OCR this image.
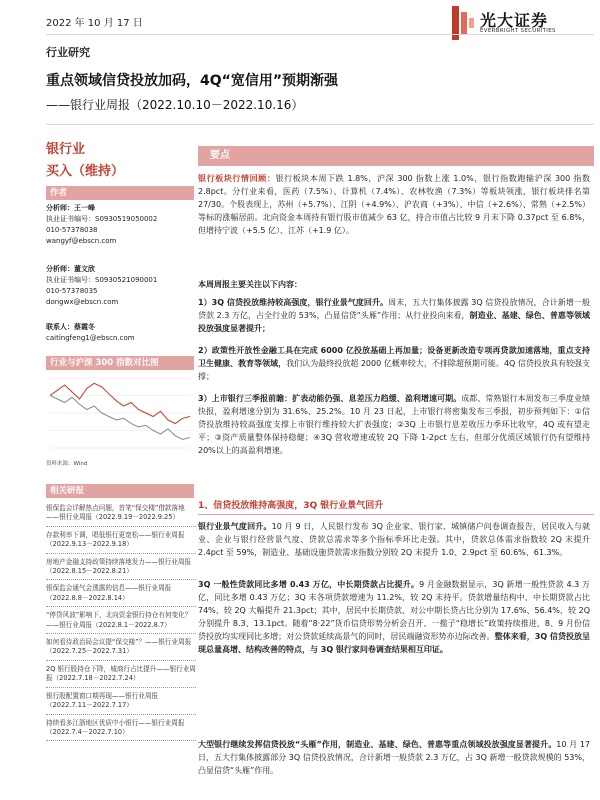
2022 年 10 月 17 日	光大证券
EVERBRIGHT SECURITIES
行业研究
重点领域信贷投放加码，4Q“宽信用”预期渐强
——银行业周报（2022.10.10－2022.10.16）
银行业
买入（维持）
作者
分析师：王一峰
执业证书编号：S0930519050002
010-57378038
wangyf@ebscn.com
分析师：董文欣
执业证书编号：S0930521090001
010-57378035
dongwx@ebscn.com
联系人：蔡霞冬
caitingfeng1@ebscn.com
行业与沪深 300 指数对比图
资料来源：Wind
相关研报
银保监会详解热点问题，首笔“保交楼”借款落地——银行业周报（2022.9.19－2022.9.25）
存款利率下调，唱低银行更宽松——银行业周报（2022.9.13－2022.9.18）
房地产金融支持政策持续落地发力——银行业周报（2022.8.15－2022.8.21）
银保监会通气会透露的信息——银行业周报（2022.8.8－2022.8.14）
“停贷风波”影响下，北向资金银行持仓有何变化？——银行业周报（2022.8.1－2022.8.7）
如何看待政治局会议提“保交楼”？——银行业周报（2022.7.25－2022.7.31）
2Q 银行股持仓下降，城商行占比提升——银行业周报（2022.7.18－2022.7.24）
银行股配置窗口期再现——银行业周报（2022.7.11－2022.7.17）
持续看多江浙地区优质中小银行——银行业周报（2022.7.4－2022.7.10）
要点
银行板块行情回顾：银行板块本周下跌 1.8%，沪深 300 指数上涨 1.0%，银行指数跑输沪深 300 指数 2.8pct。分行业来看，医药（7.5%）、计算机（7.4%）、农林牧渔（7.3%）等板块领涨，银行板块排名第 27/30。个股表现上，苏州（+5.7%）、江阴（+4.9%）、沪农商（+3%）、中信（+2.6%）、常熟（+2.5%）等标的涨幅居前。北向资金本周持有银行股市值减少 63 亿，持合市值占比较 9 月末下降 0.37pct 至 6.8%，但增持宁波（+5.5 亿）、江苏（+1.9 亿）。
本周周报主要关注以下内容：
1）3Q 信贷投放维持较高强度，银行业景气度回升。周末，五大行集体披露 3Q 信贷投放情况，合计新增一般贷款 2.3 万亿，占全行业的 53%，凸显信贷“头雁”作用；从行业投向来看，制造业、基建、绿色、普惠等领域投放强度显著提升；
2）政策性开放性金融工具在完成 6000 亿投放基础上再加量；设备更新改造专项再贷款加速落地，重点支持卫生健康、教育等领域，我们认为最终投放超 2000 亿概率较大，不排除超预期可能。4Q 信贷投放具有较强支撑；
3）上市银行三季报前瞻：扩表动能仍强、息差压力趋缓、盈利增速可期。成都、常熟银行本周发布三季度业绩快报，盈利增速分别为 31.6%、25.2%。10 月 23 日起，上市银行将密集发布三季报，初步预判如下：①信贷投放维持较高强度支撑上市银行维持较大扩表强度；②3Q 上市银行息差收压力季环比收窄，4Q 或有望走平；③资产质量整体保持稳健；④3Q 营收增速或较 2Q 下降 1-2pct 左右，但部分优质区域银行仍有望维持 20%以上的高盈利增速。
1、信贷投放维持高强度，3Q 银行业景气回升
银行业景气度回升。10 月 9 日，人民银行发布 3Q 企业家、银行家、城镇储户问卷调查报告，居民收入与就业、企业与银行经营景气度、贷款总需求等多个指标季环比走强。其中，贷款总体需求指数较 2Q 末提升 2.4pct 至 59%，制造业、基础设施贷款需求指数分别较 2Q 末提升 1.0、2.9pct 至 60.6%、61.3%。
3Q 一般性贷款同比多增 0.43 万亿，中长期贷款占比提升。9 月金融数据显示，3Q 新增一般性贷款 4.3 万亿，同比多增 0.43 万亿；3Q 末各项贷款增速为 11.2%，较 2Q 末持平。贷款增量结构中，中长期贷款占比 74%，较 2Q 大幅提升 21.3pct；其中，居民中长期贷款、对公中期长贷占比分别为 17.6%、56.4%，较 2Q 分别提升 8.3、13.1pct。随着“8·22”货币信贷形势分析会召开、一揽子“稳增长”政策持续推进，8、9 月份信贷投放均实现同比多增；对公贷款延续高景气的同时，居民端融资形势亦边际改善。整体来看，3Q 信贷投放呈现总量高增、结构改善的特点，与 3Q 银行家问卷调查结果相互印证。
大型银行继续发挥信贷投放“头雁”作用，制造业、基建、绿色、普惠等重点领域投放强度显著提升。10 月 17 日，五大行集体披露部分 3Q 信贷投放情况，合计新增一般贷款 2.3 万亿，占 3Q 新增一般贷款规模的 53%，凸显信贷“头雁”作用。
